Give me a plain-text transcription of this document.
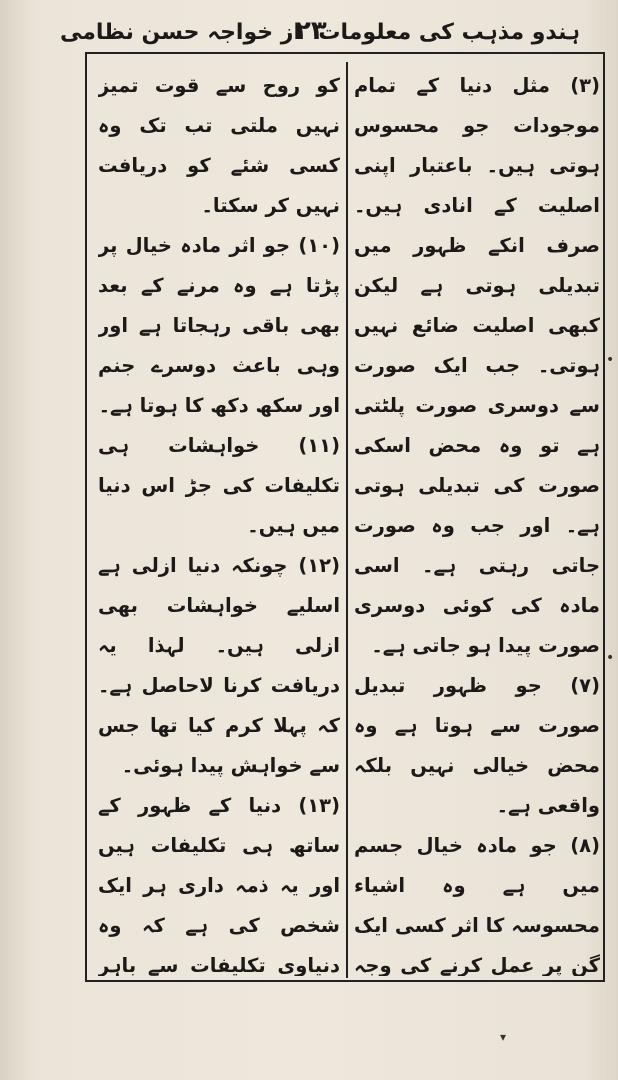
ہندو مذہب کی معلومات
۲۳
از خواجہ حسن نظامی

(۳) مثل دنیا کے تمام موجودات جو محسوس ہوتی ہیں۔ باعتبار اپنی اصلیت کے انادی ہیں۔ صرف انکے ظہور میں تبدیلی ہوتی ہے لیکن کبھی اصلیت ضائع نہیں ہوتی۔ جب ایک صورت سے دوسری صورت پلٹتی ہے تو وہ محض اسکی صورت کی تبدیلی ہوتی ہے۔ اور جب وہ صورت جاتی رہتی ہے۔ اسی مادہ کی کوئی دوسری صورت پیدا ہو جاتی ہے۔

(۷) جو ظہور تبدیل صورت سے ہوتا ہے وہ محض خیالی نہیں بلکہ واقعی ہے۔

(۸) جو مادہ خیال جسم میں ہے وہ اشیاء محسوسہ کا اثر کسی ایک گن پر عمل کرنے کی وجہ

کو روح سے قوت تمیز نہیں ملتی تب تک وہ کسی شئے کو دریافت نہیں کر سکتا۔

(۱۰) جو اثر مادہ خیال پر پڑتا ہے وہ مرنے کے بعد بھی باقی رہجاتا ہے اور وہی باعث دوسرے جنم اور سکھ دکھ کا ہوتا ہے۔

(۱۱) خواہشات ہی تکلیفات کی جڑ اس دنیا میں ہیں۔

(۱۲) چونکہ دنیا ازلی ہے اسلیے خواہشات بھی ازلی ہیں۔ لہذا یہ دریافت کرنا لاحاصل ہے۔ کہ پہلا کرم کیا تھا جس سے خواہش پیدا ہوئی۔

(۱۳) دنیا کے ظہور کے ساتھ ہی تکلیفات ہیں اور یہ ذمہ داری ہر ایک شخص کی ہے کہ وہ دنیاوی تکلیفات سے باہر

•
•
▾
